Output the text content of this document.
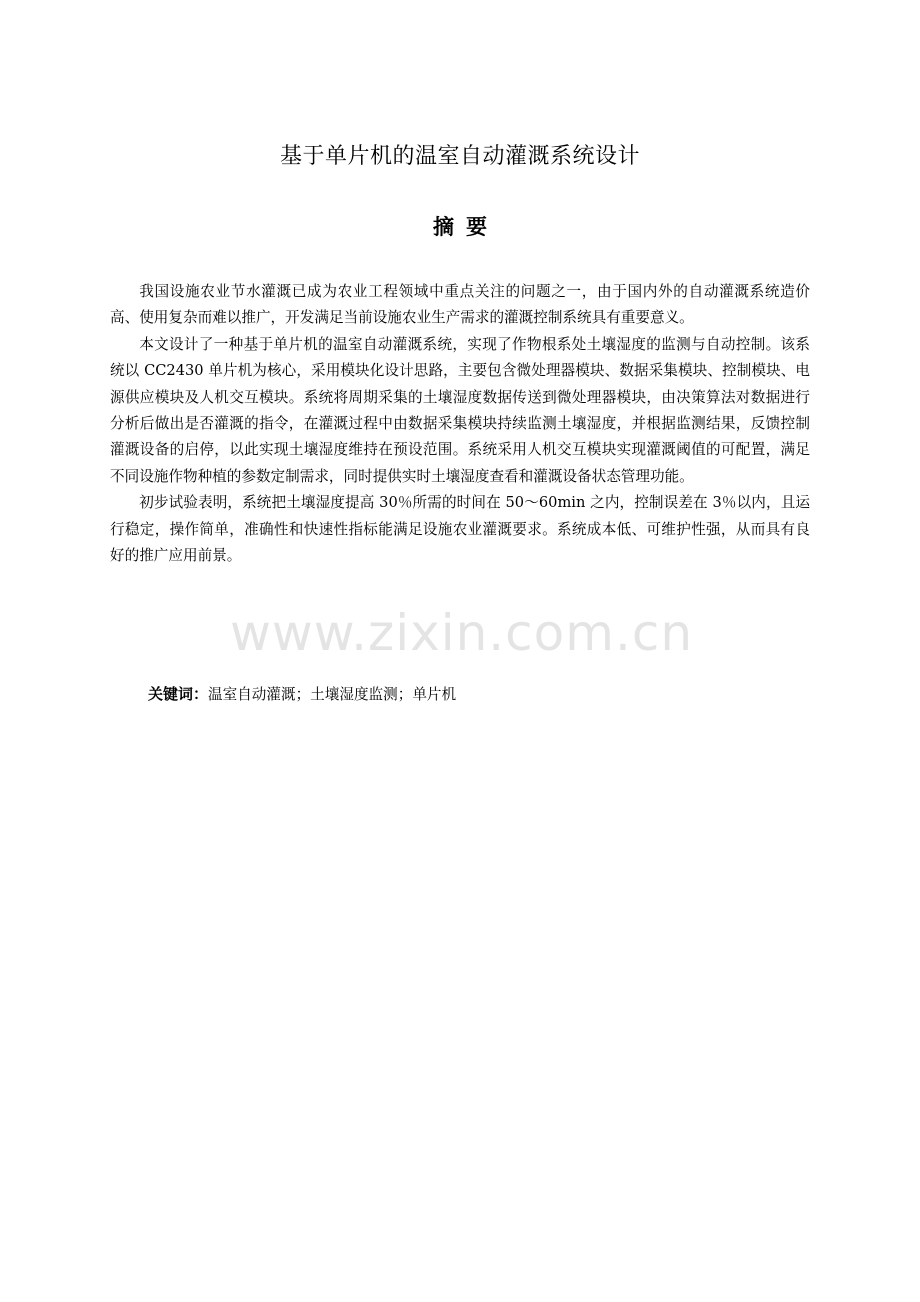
基于单片机的温室自动灌溉系统设计
摘要

我国设施农业节水灌溉已成为农业工程领域中重点关注的问题之一，由于国内外的自动灌溉系统造价高、使用复杂而难以推广，开发满足当前设施农业生产需求的灌溉控制系统具有重要意义。

本文设计了一种基于单片机的温室自动灌溉系统，实现了作物根系处土壤湿度的监测与自动控制。该系统以 CC2430 单片机为核心，采用模块化设计思路，主要包含微处理器模块、数据采集模块、控制模块、电源供应模块及人机交互模块。系统将周期采集的土壤湿度数据传送到微处理器模块，由决策算法对数据进行分析后做出是否灌溉的指令，在灌溉过程中由数据采集模块持续监测土壤湿度，并根据监测结果，反馈控制灌溉设备的启停，以此实现土壤湿度维持在预设范围。系统采用人机交互模块实现灌溉阈值的可配置，满足不同设施作物种植的参数定制需求，同时提供实时土壤湿度查看和灌溉设备状态管理功能。

初步试验表明，系统把土壤湿度提高 30％所需的时间在 50～60min 之内，控制误差在 3％以内，且运行稳定，操作简单，准确性和快速性指标能满足设施农业灌溉要求。系统成本低、可维护性强，从而具有良好的推广应用前景。

关键词：温室自动灌溉；土壤湿度监测；单片机
www.zixin.com.cn
